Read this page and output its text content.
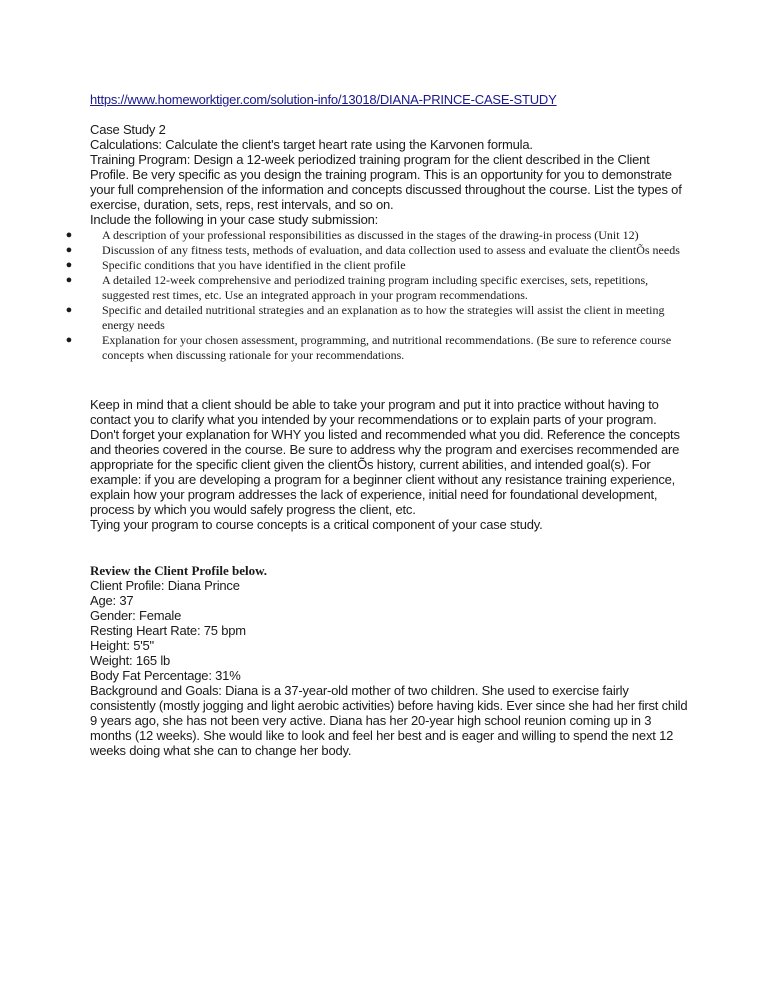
https://www.homeworktiger.com/solution-info/13018/DIANA-PRINCE-CASE-STUDY

Case Study 2

Calculations: Calculate the client's target heart rate using the Karvonen formula.

Training Program: Design a 12-week periodized training program for the client described in the Client Profile. Be very specific as you design the training program. This is an opportunity for you to demonstrate your full comprehension of the information and concepts discussed throughout the course. List the types of exercise, duration, sets, reps, rest intervals, and so on.

Include the following in your case study submission:

●	A description of your professional responsibilities as discussed in the stages of the drawing-in process (Unit 12)
●	Discussion of any fitness tests, methods of evaluation, and data collection used to assess and evaluate the clientÕs needs
●	Specific conditions that you have identified in the client profile
●	A detailed 12-week comprehensive and periodized training program including specific exercises, sets, repetitions, suggested rest times, etc. Use an integrated approach in your program recommendations.
●	Specific and detailed nutritional strategies and an explanation as to how the strategies will assist the client in meeting energy needs
●	Explanation for your chosen assessment, programming, and nutritional recommendations. (Be sure to reference course concepts when discussing rationale for your recommendations.

Keep in mind that a client should be able to take your program and put it into practice without having to contact you to clarify what you intended by your recommendations or to explain parts of your program.

Don't forget your explanation for WHY you listed and recommended what you did. Reference the concepts and theories covered in the course. Be sure to address why the program and exercises recommended are appropriate for the specific client given the clientÕs history, current abilities, and intended goal(s). For example: if you are developing a program for a beginner client without any resistance training experience, explain how your program addresses the lack of experience, initial need for foundational development, process by which you would safely progress the client, etc.

Tying your program to course concepts is a critical component of your case study.

Review the Client Profile below.

Client Profile: Diana Prince

Age: 37

Gender: Female

Resting Heart Rate: 75 bpm

Height: 5'5"

Weight: 165 lb

Body Fat Percentage: 31%

Background and Goals: Diana is a 37-year-old mother of two children. She used to exercise fairly consistently (mostly jogging and light aerobic activities) before having kids. Ever since she had her first child 9 years ago, she has not been very active. Diana has her 20-year high school reunion coming up in 3 months (12 weeks). She would like to look and feel her best and is eager and willing to spend the next 12 weeks doing what she can to change her body.
